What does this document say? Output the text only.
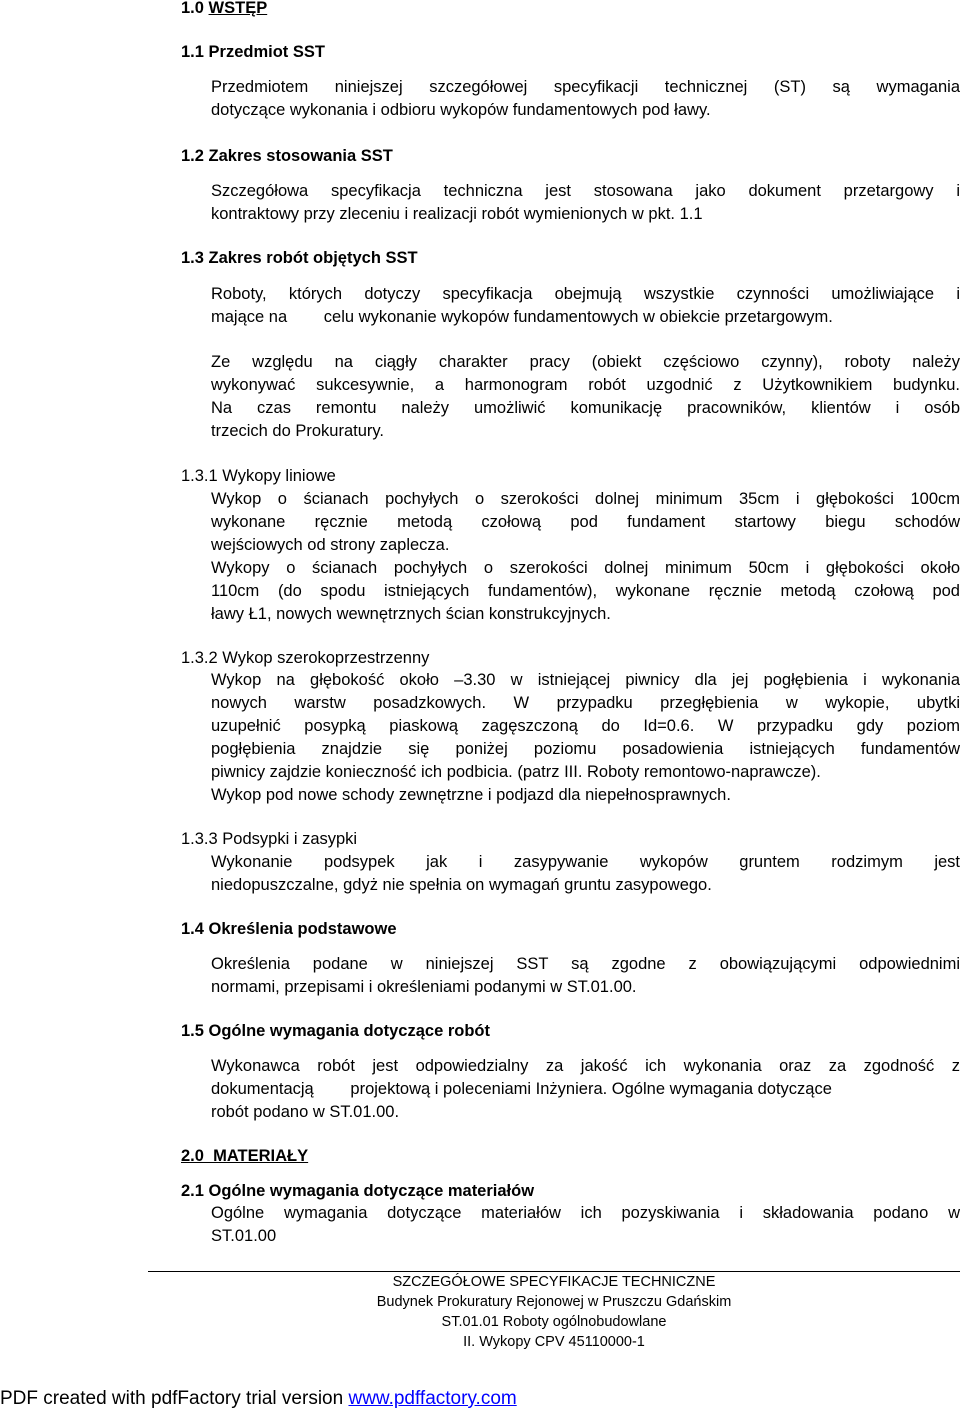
1.0 WSTĘP
1.1 Przedmiot SST
Przedmiotem niniejszej szczegółowej specyfikacji technicznej (ST) są wymagania
dotyczące wykonania i odbioru wykopów fundamentowych pod ławy.
1.2 Zakres stosowania SST
Szczegółowa specyfikacja techniczna jest stosowana jako dokument przetargowy i
kontraktowy przy zleceniu i realizacji robót wymienionych w pkt. 1.1
1.3 Zakres robót objętych SST
Roboty, których dotyczy specyfikacja obejmują wszystkie czynności umożliwiające i
mające na        celu wykonanie wykopów fundamentowych w obiekcie przetargowym.
Ze względu na ciągły charakter pracy (obiekt częściowo czynny), roboty należy
wykonywać sukcesywnie, a harmonogram robót uzgodnić z Użytkownikiem budynku.
Na czas remontu należy umożliwić komunikację pracowników, klientów i osób
trzecich do Prokuratury.
1.3.1 Wykopy liniowe
Wykop o ścianach pochyłych o szerokości dolnej minimum 35cm i głębokości 100cm
wykonane ręcznie metodą czołową pod fundament startowy biegu schodów
wejściowych od strony zaplecza.
Wykopy o ścianach pochyłych o szerokości dolnej minimum 50cm i głębokości około
110cm (do spodu istniejących fundamentów), wykonane ręcznie metodą czołową pod
ławy Ł1, nowych wewnętrznych ścian konstrukcyjnych.
1.3.2 Wykop szerokoprzestrzenny
Wykop na głębokość około –3.30 w istniejącej piwnicy dla jej pogłębienia i wykonania
nowych warstw posadzkowych. W przypadku przegłębienia w wykopie, ubytki
uzupełnić posypką piaskową zagęszczoną do Id=0.6. W przypadku gdy poziom
pogłębienia znajdzie się poniżej poziomu posadowienia istniejących fundamentów
piwnicy zajdzie konieczność ich podbicia. (patrz III. Roboty remontowo-naprawcze).
Wykop pod nowe schody zewnętrzne i podjazd dla niepełnosprawnych.
1.3.3 Podsypki i zasypki
Wykonanie podsypek jak i zasypywanie wykopów gruntem rodzimym jest
niedopuszczalne, gdyż nie spełnia on wymagań gruntu zasypowego.
1.4 Określenia podstawowe
Określenia podane w niniejszej SST są zgodne z obowiązującymi odpowiednimi
normami, przepisami i określeniami podanymi w ST.01.00.
1.5 Ogólne wymagania dotyczące robót
Wykonawca robót jest odpowiedzialny za jakość ich wykonania oraz za zgodność z
dokumentacją        projektową i poleceniami Inżyniera. Ogólne wymagania dotyczące
robót podano w ST.01.00.
2.0  MATERIAŁY
2.1 Ogólne wymagania dotyczące materiałów
Ogólne wymagania dotyczące materiałów ich pozyskiwania i składowania podano w
ST.01.00
SZCZEGÓŁOWE SPECYFIKACJE TECHNICZNE
Budynek Prokuratury Rejonowej w Pruszczu Gdańskim
ST.01.01 Roboty ogólnobudowlane
II. Wykopy CPV 45110000-1
PDF created with pdfFactory trial version www.pdffactory.com
